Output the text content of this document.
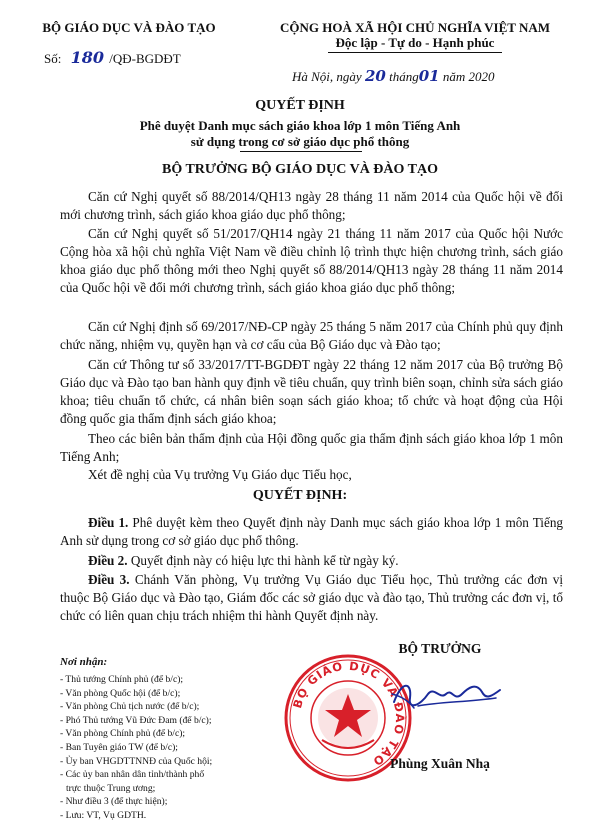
BỘ GIÁO DỤC VÀ ĐÀO TẠO
Số: 180 /QĐ-BGDĐT
CỘNG HOÀ XÃ HỘI CHỦ NGHĨA VIỆT NAM
Độc lập - Tự do - Hạnh phúc
Hà Nội, ngày 20 tháng01 năm 2020
QUYẾT ĐỊNH
Phê duyệt Danh mục sách giáo khoa lớp 1 môn Tiếng Anh
sử dụng trong cơ sở giáo dục phổ thông
BỘ TRƯỞNG BỘ GIÁO DỤC VÀ ĐÀO TẠO
Căn cứ Nghị quyết số 88/2014/QH13 ngày 28 tháng 11 năm 2014 của Quốc hội về đổi mới chương trình, sách giáo khoa giáo dục phổ thông;
Căn cứ Nghị quyết số 51/2017/QH14 ngày 21 tháng 11 năm 2017 của Quốc hội Nước Cộng hòa xã hội chủ nghĩa Việt Nam về điều chỉnh lộ trình thực hiện chương trình, sách giáo khoa giáo dục phổ thông mới theo Nghị quyết số 88/2014/QH13 ngày 28 tháng 11 năm 2014 của Quốc hội về đổi mới chương trình, sách giáo khoa giáo dục phổ thông;
Căn cứ Nghị định số 69/2017/NĐ-CP ngày 25 tháng 5 năm 2017 của Chính phủ quy định chức năng, nhiệm vụ, quyền hạn và cơ cấu của Bộ Giáo dục và Đào tạo;
Căn cứ Thông tư số 33/2017/TT-BGDĐT ngày 22 tháng 12 năm 2017 của Bộ trưởng Bộ Giáo dục và Đào tạo ban hành quy định về tiêu chuẩn, quy trình biên soạn, chỉnh sửa sách giáo khoa; tiêu chuẩn tổ chức, cá nhân biên soạn sách giáo khoa; tổ chức và hoạt động của Hội đồng quốc gia thẩm định sách giáo khoa;
Theo các biên bản thẩm định của Hội đồng quốc gia thẩm định sách giáo khoa lớp 1 môn Tiếng Anh;
Xét đề nghị của Vụ trưởng Vụ Giáo dục Tiểu học,
QUYẾT ĐỊNH:
Điều 1. Phê duyệt kèm theo Quyết định này Danh mục sách giáo khoa lớp 1 môn Tiếng Anh sử dụng trong cơ sở giáo dục phổ thông.
Điều 2. Quyết định này có hiệu lực thi hành kể từ ngày ký.
Điều 3. Chánh Văn phòng, Vụ trưởng Vụ Giáo dục Tiểu học, Thủ trưởng các đơn vị thuộc Bộ Giáo dục và Đào tạo, Giám đốc các sở giáo dục và đào tạo, Thủ trưởng các đơn vị, tổ chức có liên quan chịu trách nhiệm thi hành Quyết định này.
Nơi nhận:
- Thủ tướng Chính phủ (để b/c);
- Văn phòng Quốc hội (để b/c);
- Văn phòng Chủ tịch nước (để b/c);
- Phó Thủ tướng Vũ Đức Đam (để b/c);
- Văn phòng Chính phủ (để b/c);
- Ban Tuyên giáo TW (để b/c);
- Ủy ban VHGDTTNNĐ của Quốc hội;
- Các ủy ban nhân dân tỉnh/thành phố
trực thuộc Trung ương;
- Như điều 3 (để thực hiện);
- Lưu: VT, Vụ GDTH.
BỘ TRƯỞNG
BỘ GIÁO DỤC VÀ ĐÀO TẠO Phùng Xuân Nhạ
